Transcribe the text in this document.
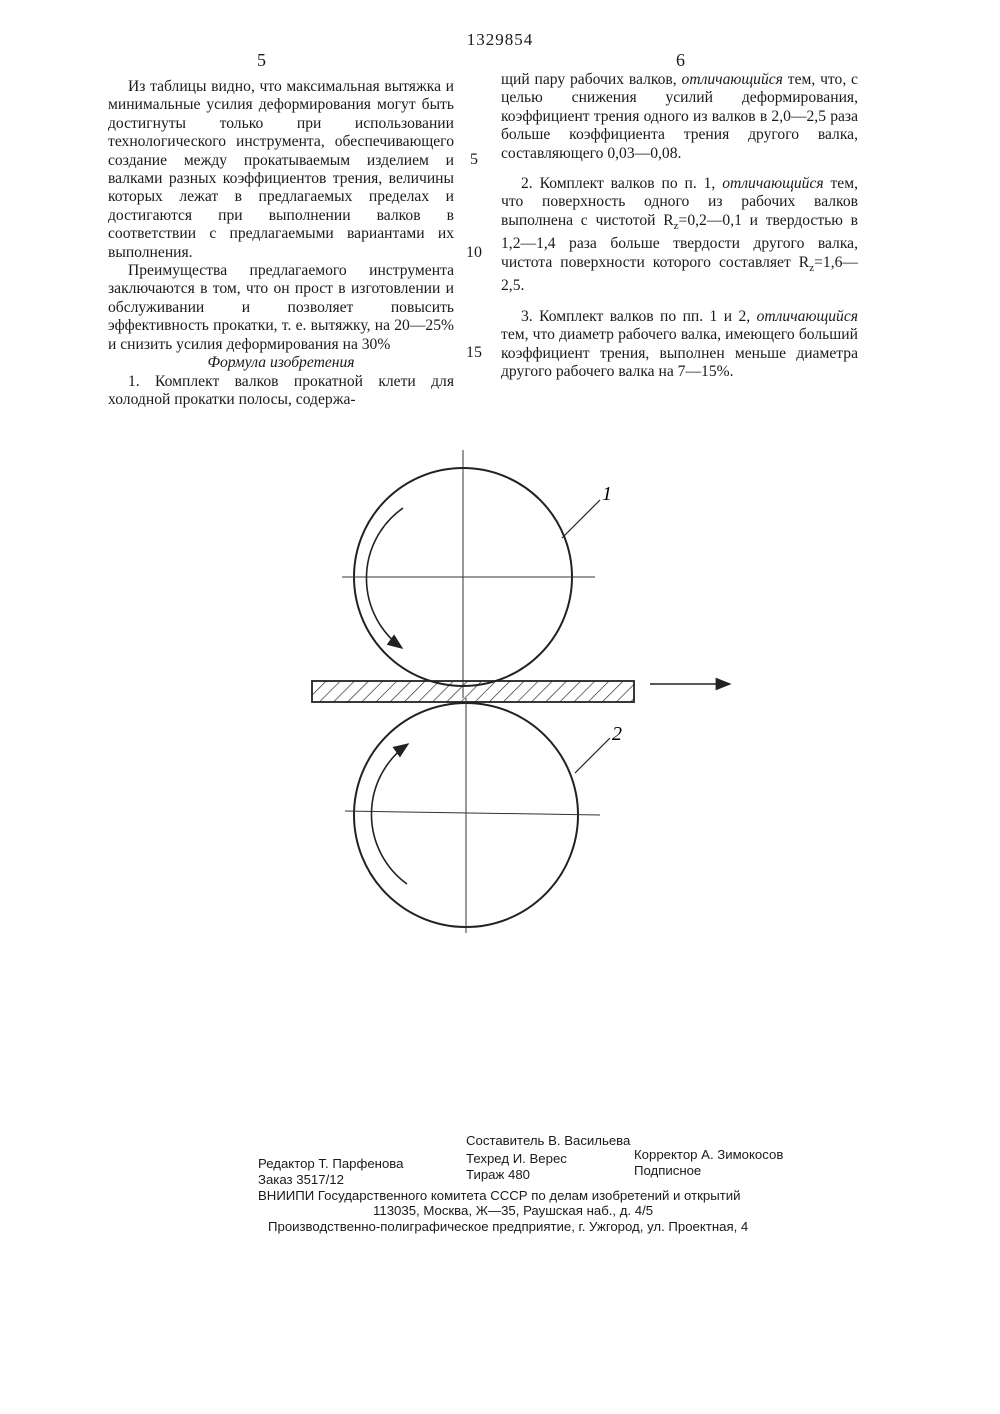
1329854
5	6

Из таблицы видно, что максимальная вытяжка и минимальные усилия деформирования могут быть достигнуты только при использовании технологического инструмента, обеспечивающего создание между прокатываемым изделием и валками разных коэффициентов трения, величины которых лежат в предлагаемых пределах и достигаются при выполнении валков в соответствии с предлагаемыми вариантами их выполнения.

Преимущества предлагаемого инструмента заключаются в том, что он прост в изготовлении и обслуживании и позволяет повысить эффективность прокатки, т. е. вытяжку, на 20—25% и снизить усилия деформирования на 30%

Формула изобретения

1. Комплект валков прокатной клети для холодной прокатки полосы, содержа-

щий пару рабочих валков, отличающийся тем, что, с целью снижения усилий деформирования, коэффициент трения одного из валков в 2,0—2,5 раза больше коэффициента трения другого валка, составляющего 0,03—0,08.

2. Комплект валков по п. 1, отличающийся тем, что поверхность одного из рабочих валков выполнена с чистотой $R_z=0,2—0,1$ и твердостью в 1,2—1,4 раза больше твердости другого валка, чистота поверхности которого составляет $R_z=1,6—2,5$.

3. Комплект валков по пп. 1 и 2, отличающийся тем, что диаметр рабочего валка, имеющего больший коэффициент трения, выполнен меньше диаметра другого рабочего валка на 7—15%.

5
10
15
1
2
Составитель В. Васильева
Редактор Т. Парфенова	Техред И. Верес	Корректор А. Зимокосов
Заказ 3517/12	Тираж 480	Подписное
ВНИИПИ Государственного комитета СССР по делам изобретений и открытий
113035, Москва, Ж—35, Раушская наб., д. 4/5
Производственно-полиграфическое предприятие, г. Ужгород, ул. Проектная, 4
